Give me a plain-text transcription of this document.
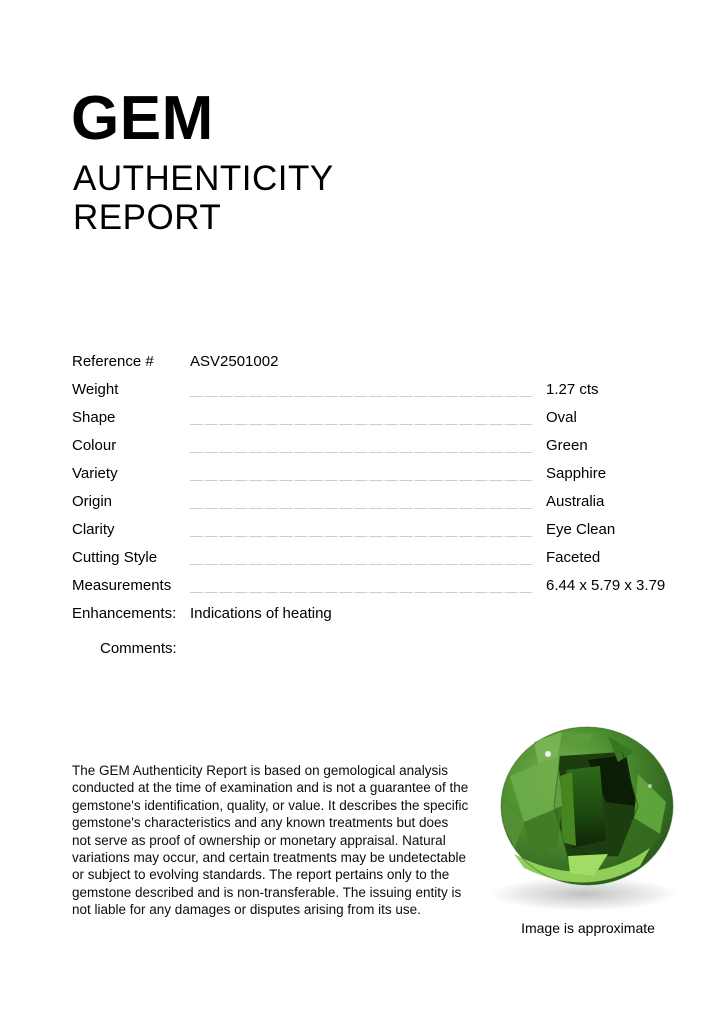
GEM
AUTHENTICITY REPORT
Reference # ASV2501002
Weight	1.27 cts
Shape	Oval
Colour	Green
Variety	Sapphire
Origin	Australia
Clarity	Eye Clean
Cutting Style	Faceted
Measurements	6.44 x 5.79 x 3.79
Enhancements: Indications of heating
Comments:
The GEM Authenticity Report is based on gemological analysis conducted at the time of examination and is not a guarantee of the gemstone's identification, quality, or value. It describes the specific gemstone's characteristics and any known treatments but does not serve as proof of ownership or monetary appraisal. Natural variations may occur, and certain treatments may be undetectable or subject to evolving standards. The report pertains only to the gemstone described and is non-transferable. The issuing entity is not liable for any damages or disputes arising from its use.
Image is approximate
